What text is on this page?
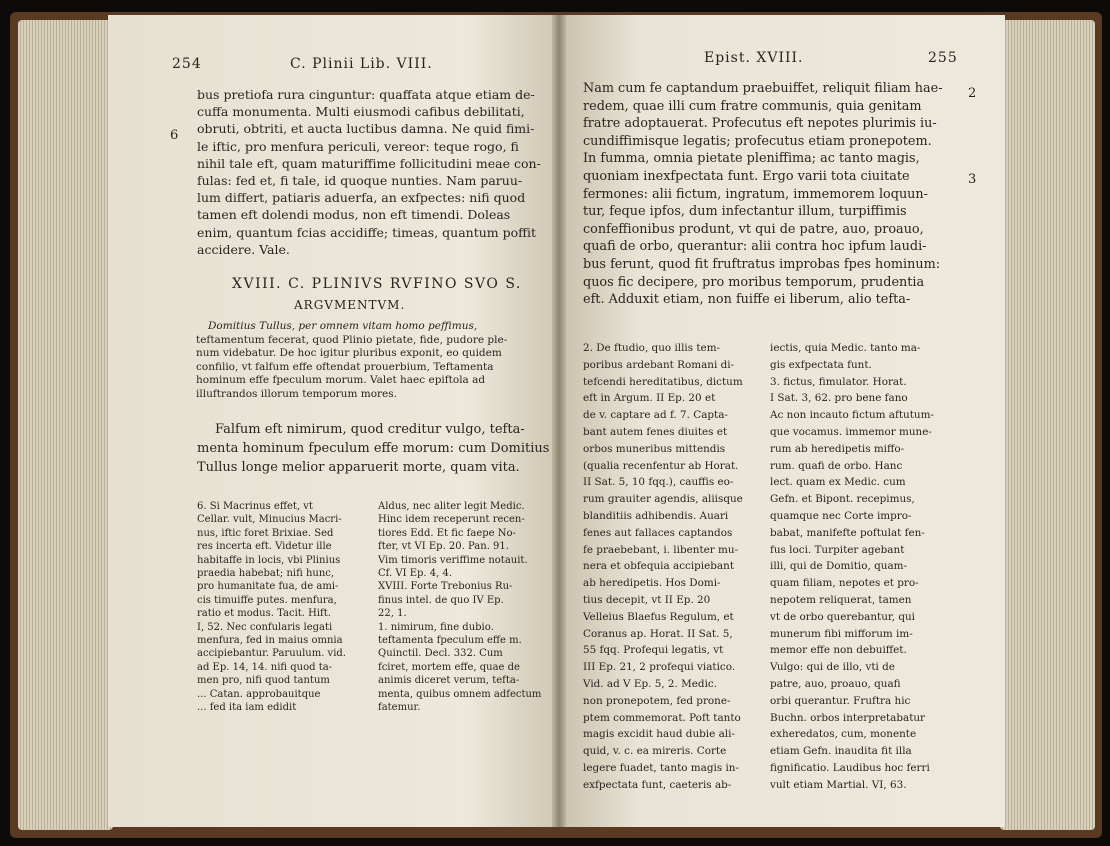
254	C. Plinii Lib. VIII.
6
bus pretiofa rura cinguntur: quaffata atque etiam de-
cuffa monumenta. Multi eiusmodi cafibus debilitati,
obruti, obtriti, et aucta luctibus damna. Ne quid fimi-
le iftic, pro menfura periculi, vereor: teque rogo, fi
nihil tale eft, quam maturiffime follicitudini meae con-
fulas: fed et, fi tale, id quoque nunties. Nam paruu-
lum differt, patiaris aduerfa, an exfpectes: nifi quod
tamen eft dolendi modus, non eft timendi. Doleas
enim, quantum fcias accidiffe; timeas, quantum poffit
accidere. Vale.
XVIII. C. PLINIVS RVFINO SVO S.
ARGVMENTVM.
Domitius Tullus, per omnem vitam homo peffimus,
teftamentum fecerat, quod Plinio pietate, fide, pudore ple-
num videbatur. De hoc igitur pluribus exponit, eo quidem
confilio, vt falfum effe oftendat prouerbium, Teftamenta
hominum effe fpeculum morum. Valet haec epiftola ad
illuftrandos illorum temporum mores.
Falfum eft nimirum, quod creditur vulgo, tefta-
menta hominum fpeculum effe morum: cum Domitius
Tullus longe melior apparuerit morte, quam vita.
6. Si Macrinus effet, vt
Cellar. vult, Minucius Macri-
nus, iftic foret Brixiae. Sed
res incerta eft. Videtur ille
habitaffe in locis, vbi Plinius
praedia habebat; nifi hunc,
pro humanitate fua, de ami-
cis timuiffe putes. menfura,
ratio et modus. Tacit. Hift.
I, 52. Nec confularis legati
menfura, fed in maius omnia
accipiebantur. Paruulum. vid.
ad Ep. 14, 14. nifi quod ta-
men pro, nifi quod tantum
... Catan. approbauitque
... fed ita iam edidit
Aldus, nec aliter legit Medic.
Hinc idem receperunt recen-
tiores Edd. Et fic faepe No-
fter, vt VI Ep. 20. Pan. 91.
Vim timoris veriffime notauit.
Cf. VI Ep. 4, 4.
XVIII. Forte Trebonius Ru-
finus intel. de quo IV Ep.
22, 1.
1. nimirum, fine dubio.
teftamenta fpeculum effe m.
Quinctil. Decl. 332. Cum
fciret, mortem effe, quae de
animis diceret verum, tefta-
menta, quibus omnem adfectum
fatemur.
Epist. XVIII.	255
2
3
Nam cum fe captandum praebuiffet, reliquit filiam hae-
redem, quae illi cum fratre communis, quia genitam
fratre adoptauerat. Profecutus eft nepotes plurimis iu-
cundiffimisque legatis; profecutus etiam pronepotem.
In fumma, omnia pietate pleniffima; ac tanto magis,
quoniam inexfpectata funt. Ergo varii tota ciuitate
fermones: alii fictum, ingratum, immemorem loquun-
tur, feque ipfos, dum infectantur illum, turpiffimis
confeffionibus produnt, vt qui de patre, auo, proauo,
quafi de orbo, querantur: alii contra hoc ipfum laudi-
bus ferunt, quod fit fruftratus improbas fpes hominum:
quos fic decipere, pro moribus temporum, prudentia
eft. Adduxit etiam, non fuiffe ei liberum, alio tefta-
2. De ftudio, quo illis tem-
poribus ardebant Romani di-
tefcendi hereditatibus, dictum
eft in Argum. II Ep. 20 et
de v. captare ad f. 7. Capta-
bant autem fenes diuites et
orbos muneribus mittendis
(qualia recenfentur ab Horat.
II Sat. 5, 10 fqq.), cauffis eo-
rum grauiter agendis, aliisque
blanditiis adhibendis. Auari
fenes aut fallaces captandos
fe praebebant, i. libenter mu-
nera et obfequia accipiebant
ab heredipetis. Hos Domi-
tius decepit, vt II Ep. 20
Velleius Blaefus Regulum, et
Coranus ap. Horat. II Sat. 5,
55 fqq. Profequi legatis, vt
III Ep. 21, 2 profequi viatico.
Vid. ad V Ep. 5, 2. Medic.
non pronepotem, fed prone-
ptem commemorat. Poft tanto
magis excidit haud dubie ali-
quid, v. c. ea mireris. Corte
legere fuadet, tanto magis in-
exfpectata funt, caeteris ab-
iectis, quia Medic. tanto ma-
gis exfpectata funt.
3. fictus, fimulator. Horat.
I Sat. 3, 62. pro bene fano
Ac non incauto fictum aftutum-
que vocamus. immemor mune-
rum ab heredipetis miffo-
rum. quafi de orbo. Hanc
lect. quam ex Medic. cum
Gefn. et Bipont. recepimus,
quamque nec Corte impro-
babat, manifefte poftulat fen-
fus loci. Turpiter agebant
illi, qui de Domitio, quam-
quam filiam, nepotes et pro-
nepotem reliquerat, tamen
vt de orbo querebantur, qui
munerum fibi mifforum im-
memor effe non debuiffet.
Vulgo: qui de illo, vti de
patre, auo, proauo, quafi
orbi querantur. Fruftra hic
Buchn. orbos interpretabatur
exheredatos, cum, monente
etiam Gefn. inaudita fit illa
fignificatio. Laudibus hoc ferri
vult etiam Martial. VI, 63.
